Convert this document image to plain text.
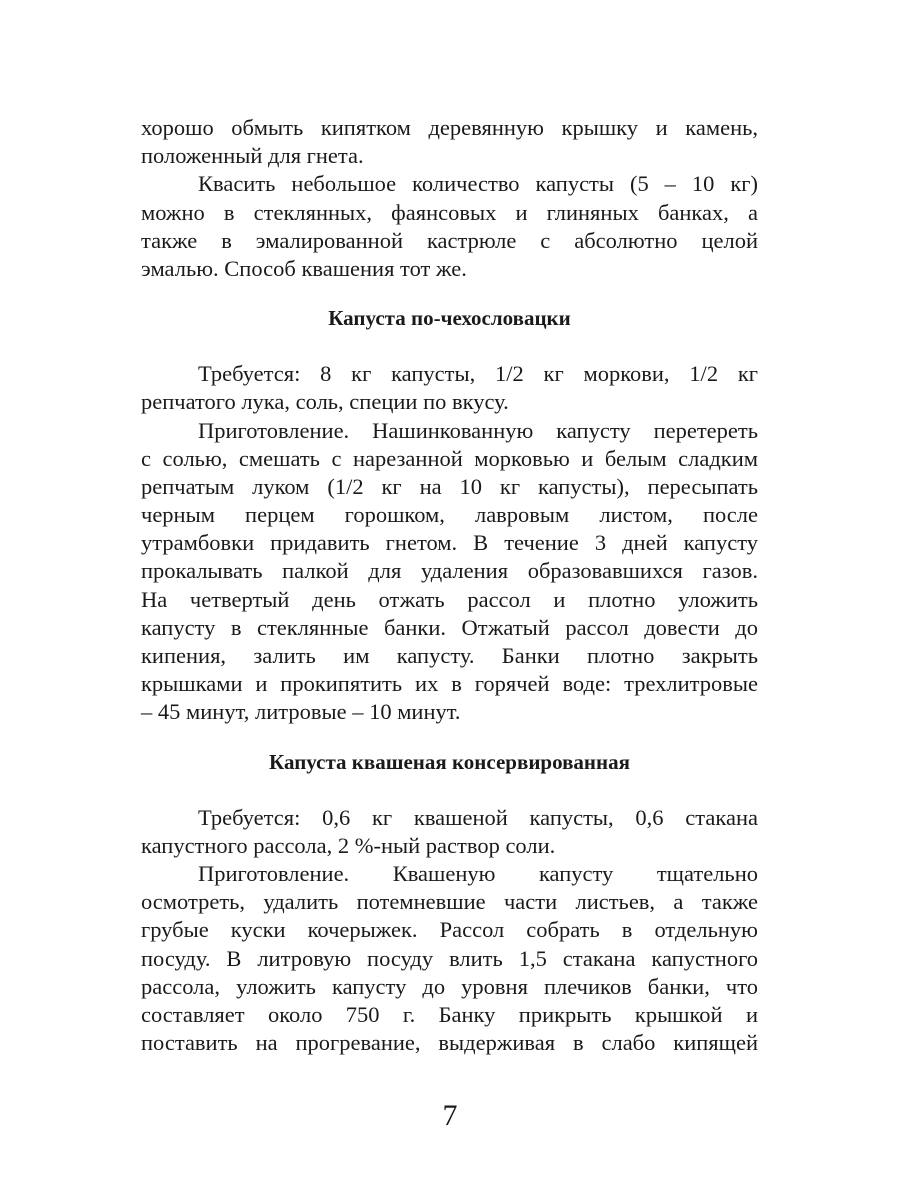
хорошо обмыть кипятком деревянную крышку и камень,
положенный для гнета.
Квасить небольшое количество капусты (5 – 10 кг)
можно в стеклянных, фаянсовых и глиняных банках, а
также в эмалированной кастрюле с абсолютно целой
эмалью. Способ квашения тот же.
Капуста по-чехословацки
Требуется: 8 кг капусты, 1/2 кг моркови, 1/2 кг
репчатого лука, соль, специи по вкусу.
Приготовление. Нашинкованную капусту перетереть
с солью, смешать с нарезанной морковью и белым сладким
репчатым луком (1/2 кг на 10 кг капусты), пересыпать
черным перцем горошком, лавровым листом, после
утрамбовки придавить гнетом. В течение 3 дней капусту
прокалывать палкой для удаления образовавшихся газов.
На четвертый день отжать рассол и плотно уложить
капусту в стеклянные банки. Отжатый рассол довести до
кипения, залить им капусту. Банки плотно закрыть
крышками и прокипятить их в горячей воде: трехлитровые
– 45 минут, литровые – 10 минут.
Капуста квашеная консервированная
Требуется: 0,6 кг квашеной капусты, 0,6 стакана
капустного рассола, 2 %-ный раствор соли.
Приготовление. Квашеную капусту тщательно
осмотреть, удалить потемневшие части листьев, а также
грубые куски кочерыжек. Рассол собрать в отдельную
посуду. В литровую посуду влить 1,5 стакана капустного
рассола, уложить капусту до уровня плечиков банки, что
составляет около 750 г. Банку прикрыть крышкой и
поставить на прогревание, выдерживая в слабо кипящей
7
